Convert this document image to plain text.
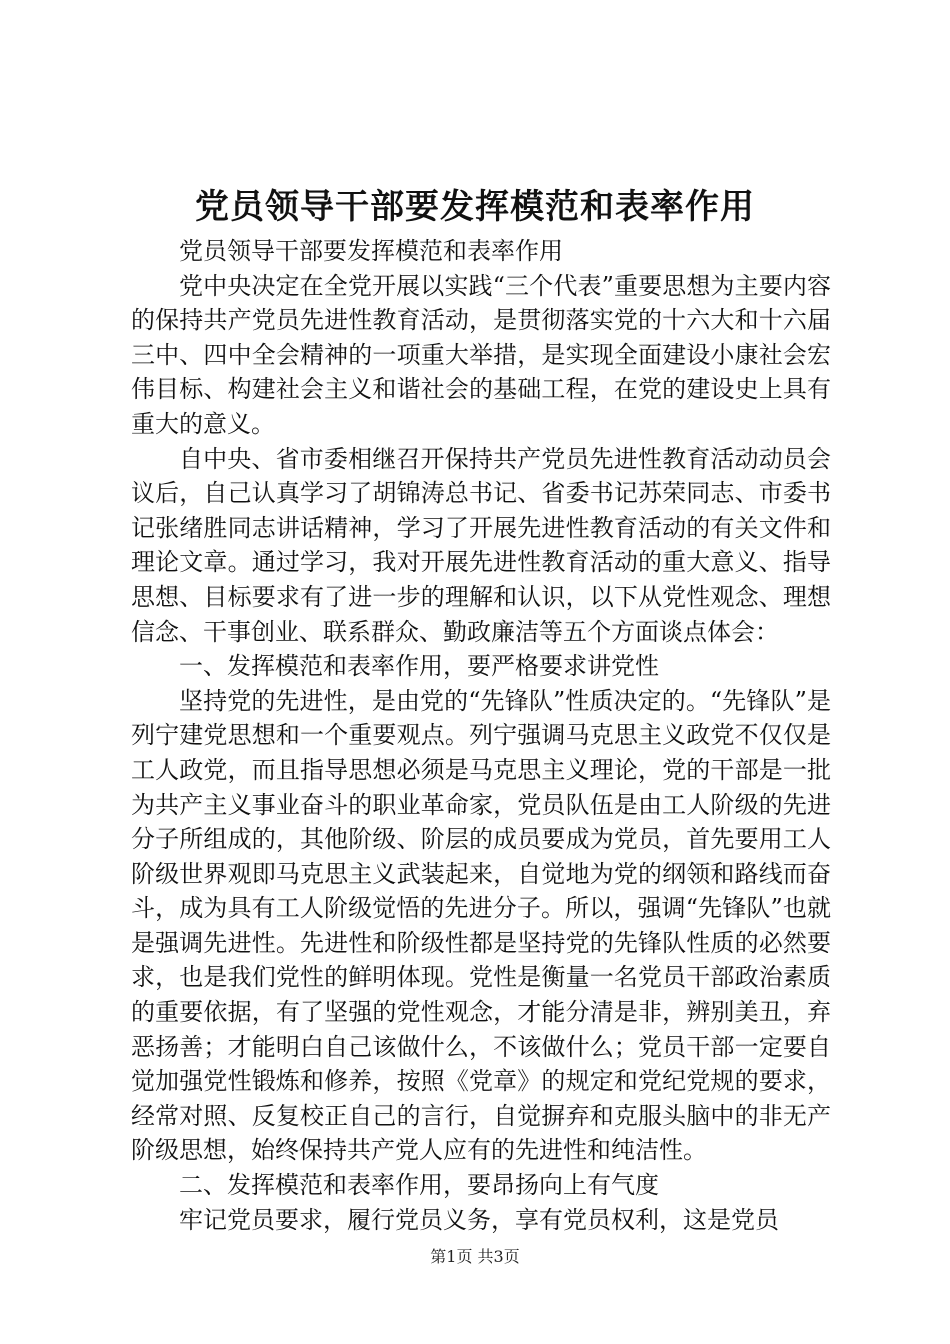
党员领导干部要发挥模范和表率作用

党员领导干部要发挥模范和表率作用

党中央决定在全党开展以实践“三个代表”重要思想为主要内容的保持共产党员先进性教育活动，是贯彻落实党的十六大和十六届三中、四中全会精神的一项重大举措，是实现全面建设小康社会宏伟目标、构建社会主义和谐社会的基础工程，在党的建设史上具有重大的意义。

自中央、省市委相继召开保持共产党员先进性教育活动动员会议后，自己认真学习了胡锦涛总书记、省委书记苏荣同志、市委书记张绪胜同志讲话精神，学习了开展先进性教育活动的有关文件和理论文章。通过学习，我对开展先进性教育活动的重大意义、指导思想、目标要求有了进一步的理解和认识，以下从党性观念、理想信念、干事创业、联系群众、勤政廉洁等五个方面谈点体会：

一、发挥模范和表率作用，要严格要求讲党性

坚持党的先进性，是由党的“先锋队”性质决定的。“先锋队”是列宁建党思想和一个重要观点。列宁强调马克思主义政党不仅仅是工人政党，而且指导思想必须是马克思主义理论，党的干部是一批为共产主义事业奋斗的职业革命家，党员队伍是由工人阶级的先进分子所组成的，其他阶级、阶层的成员要成为党员，首先要用工人阶级世界观即马克思主义武装起来，自觉地为党的纲领和路线而奋斗，成为具有工人阶级觉悟的先进分子。所以，强调“先锋队”也就是强调先进性。先进性和阶级性都是坚持党的先锋队性质的必然要求，也是我们党性的鲜明体现。党性是衡量一名党员干部政治素质的重要依据，有了坚强的党性观念，才能分清是非，辨别美丑，弃恶扬善；才能明白自己该做什么，不该做什么；党员干部一定要自觉加强党性锻炼和修养，按照《党章》的规定和党纪党规的要求，经常对照、反复校正自己的言行，自觉摒弃和克服头脑中的非无产阶级思想，始终保持共产党人应有的先进性和纯洁性。

二、发挥模范和表率作用，要昂扬向上有气度

牢记党员要求，履行党员义务，享有党员权利，这是党员

第1页 共3页
